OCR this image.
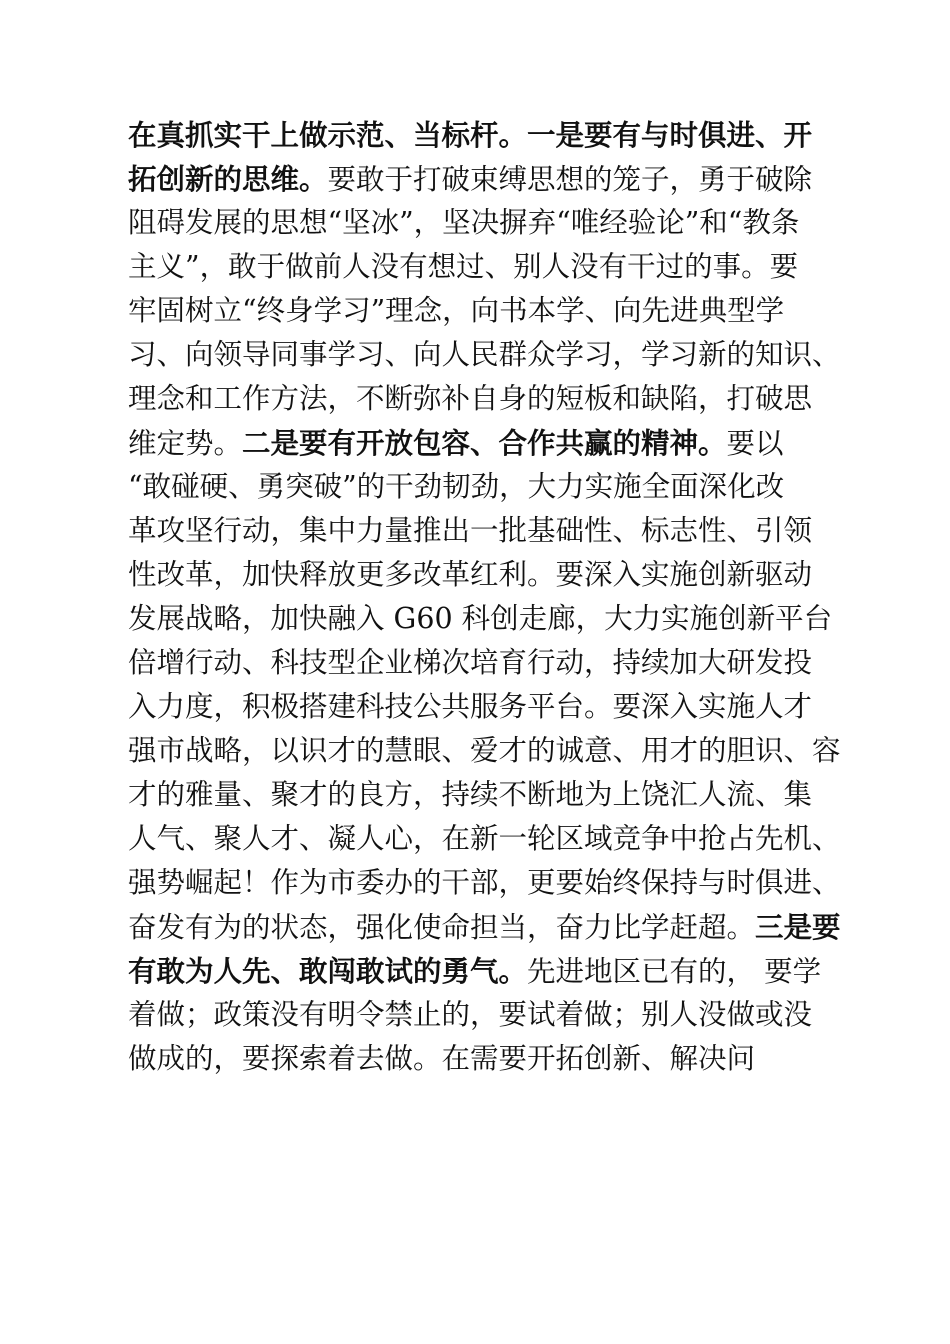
在真抓实干上做示范、当标杆。一是要有与时俱进、开
拓创新的思维。要敢于打破束缚思想的笼子，勇于破除
阻碍发展的思想“坚冰”，坚决摒弃“唯经验论”和“教条
主义”，敢于做前人没有想过、别人没有干过的事。要
牢固树立“终身学习”理念，向书本学、向先进典型学
习、向领导同事学习、向人民群众学习，学习新的知识、
理念和工作方法，不断弥补自身的短板和缺陷，打破思
维定势。二是要有开放包容、合作共赢的精神。要以
“敢碰硬、勇突破”的干劲韧劲，大力实施全面深化改
革攻坚行动，集中力量推出一批基础性、标志性、引领
性改革，加快释放更多改革红利。要深入实施创新驱动
发展战略，加快融入 G60 科创走廊，大力实施创新平台
倍增行动、科技型企业梯次培育行动，持续加大研发投
入力度，积极搭建科技公共服务平台。要深入实施人才
强市战略，以识才的慧眼、爱才的诚意、用才的胆识、容
才的雅量、聚才的良方，持续不断地为上饶汇人流、集
人气、聚人才、凝人心，在新一轮区域竞争中抢占先机、
强势崛起！作为市委办的干部，更要始终保持与时俱进、
奋发有为的状态，强化使命担当，奋力比学赶超。三是要
有敢为人先、敢闯敢试的勇气。先进地区已有的， 要学
着做；政策没有明令禁止的，要试着做；别人没做或没
做成的，要探索着去做。在需要开拓创新、解决问
